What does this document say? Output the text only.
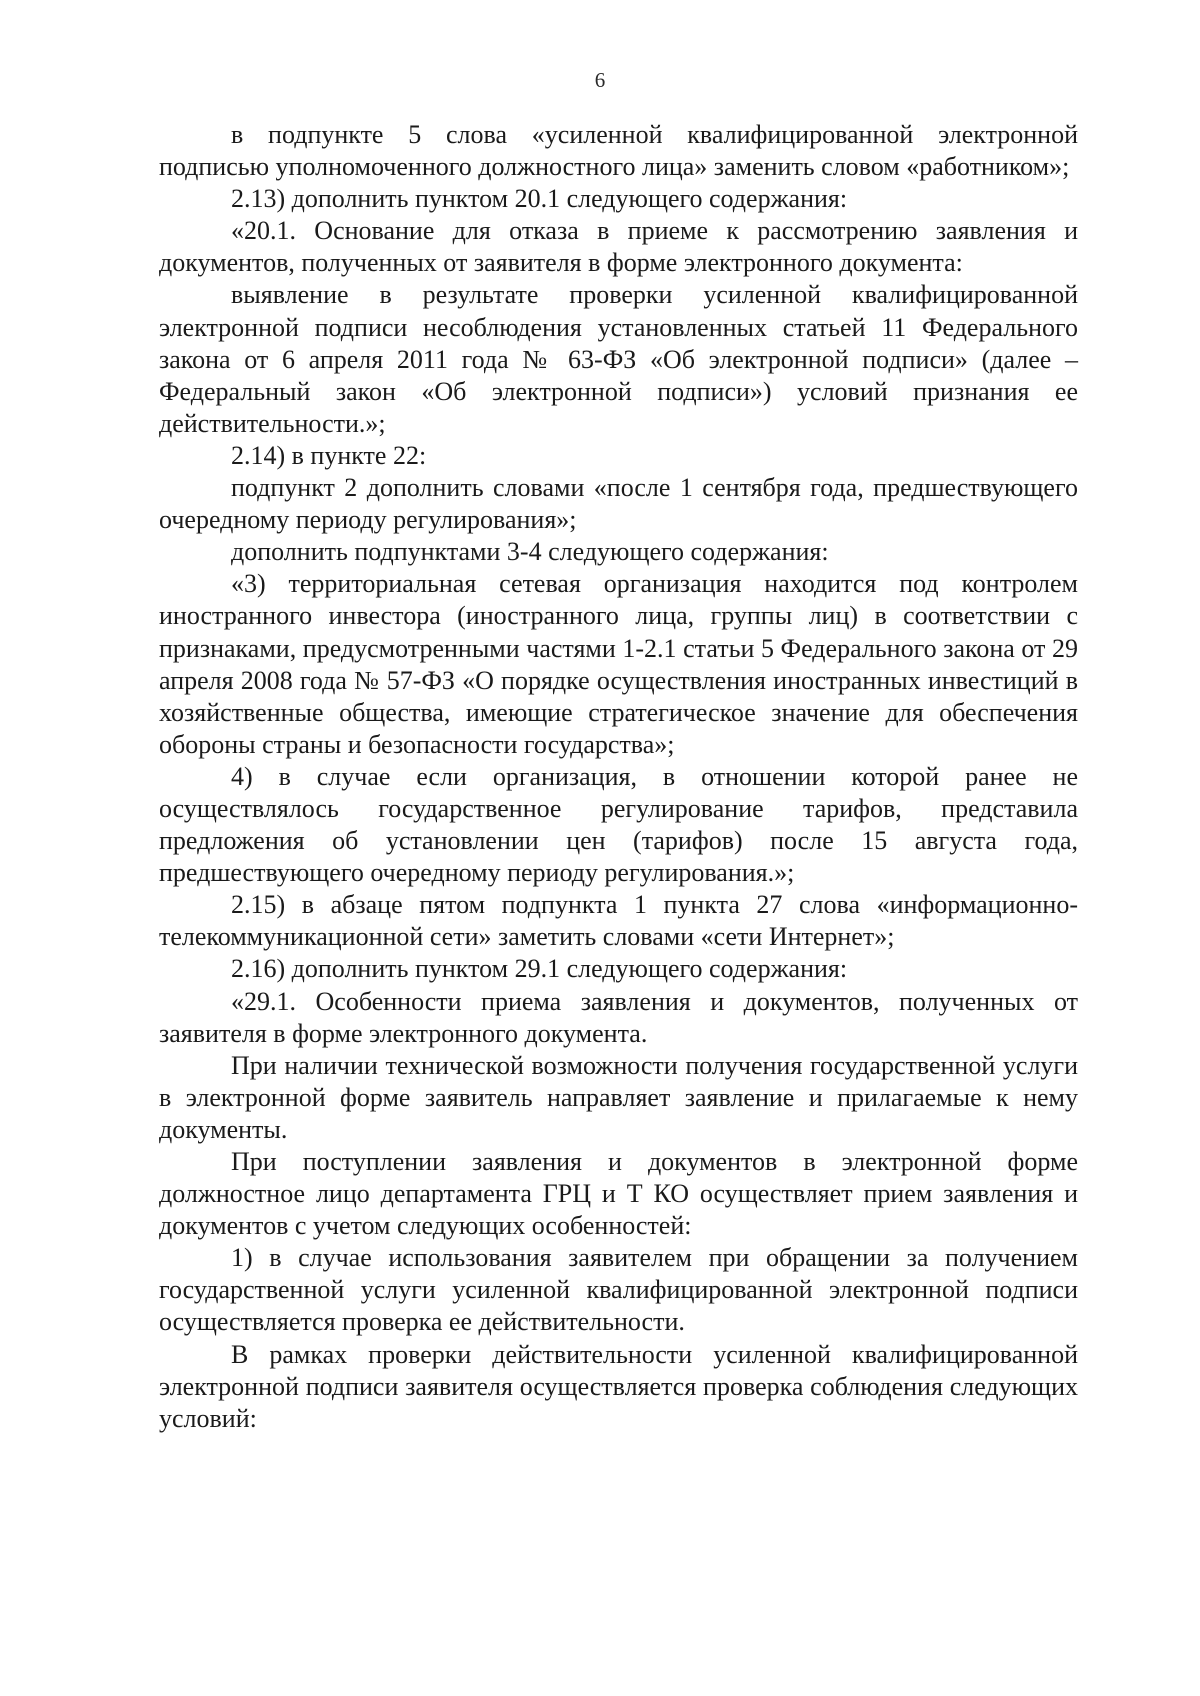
6

в подпункте 5 слова «усиленной квалифицированной электронной подписью уполномоченного должностного лица» заменить словом «работником»;

2.13) дополнить пунктом 20.1 следующего содержания:

«20.1. Основание для отказа в приеме к рассмотрению заявления и документов, полученных от заявителя в форме электронного документа:

выявление в результате проверки усиленной квалифицированной электронной подписи несоблюдения установленных статьей 11 Федерального закона от 6 апреля 2011 года № 63-ФЗ «Об электронной подписи» (далее – Федеральный закон «Об электронной подписи») условий признания ее действительности.»;

2.14) в пункте 22:

подпункт 2 дополнить словами «после 1 сентября года, предшествующего очередному периоду регулирования»;

дополнить подпунктами 3-4 следующего содержания:

«3) территориальная сетевая организация находится под контролем иностранного инвестора (иностранного лица, группы лиц) в соответствии с признаками, предусмотренными частями 1-2.1 статьи 5 Федерального закона от 29 апреля 2008 года № 57-ФЗ «О порядке осуществления иностранных инвестиций в хозяйственные общества, имеющие стратегическое значение для обеспечения обороны страны и безопасности государства»;

4) в случае если организация, в отношении которой ранее не осуществлялось государственное регулирование тарифов, представила предложения об установлении цен (тарифов) после 15 августа года, предшествующего очередному периоду регулирования.»;

2.15) в абзаце пятом подпункта 1 пункта 27 слова «информационно-телекоммуникационной сети» заметить словами «сети Интернет»;

2.16) дополнить пунктом 29.1 следующего содержания:

«29.1. Особенности приема заявления и документов, полученных от заявителя в форме электронного документа.

При наличии технической возможности получения государственной услуги в электронной форме заявитель направляет заявление и прилагаемые к нему документы.

При поступлении заявления и документов в электронной форме должностное лицо департамента ГРЦ и Т КО осуществляет прием заявления и документов с учетом следующих особенностей:

1) в случае использования заявителем при обращении за получением государственной услуги усиленной квалифицированной электронной подписи осуществляется проверка ее действительности.

В рамках проверки действительности усиленной квалифицированной электронной подписи заявителя осуществляется проверка соблюдения следующих условий:
